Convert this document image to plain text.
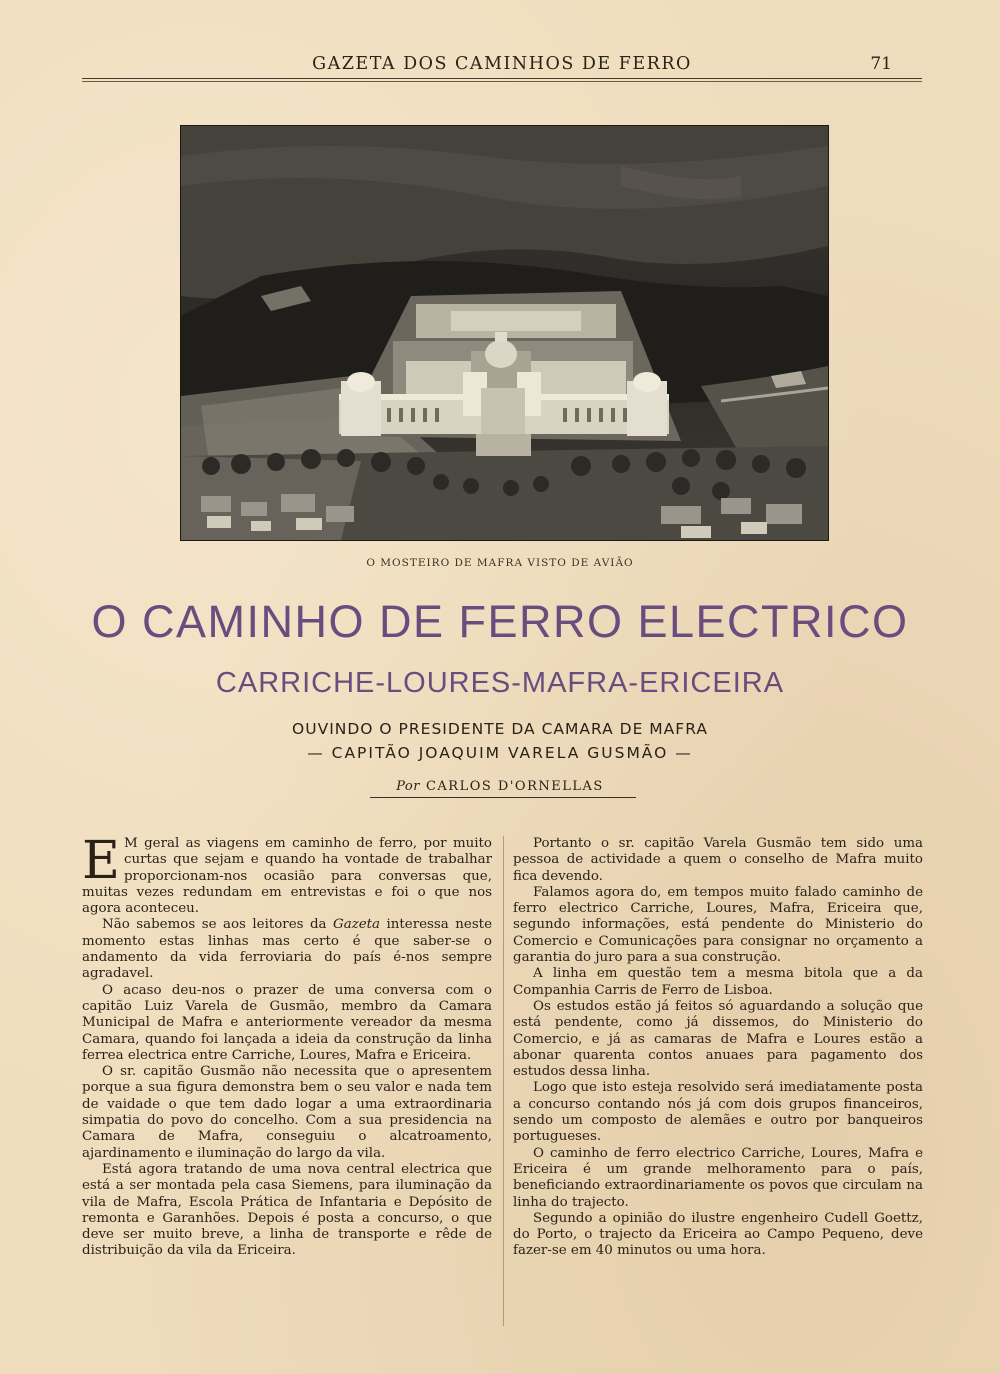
GAZETA DOS CAMINHOS DE FERRO	71
O MOSTEIRO DE MAFRA VISTO DE AVIÃO
O CAMINHO DE FERRO ELECTRICO
CARRICHE-LOURES-MAFRA-ERICEIRA
OUVINDO O PRESIDENTE DA CAMARA DE MAFRA
— CAPITÃO JOAQUIM VARELA GUSMÃO —
Por CARLOS D'ORNELLAS

E M geral as viagens em caminho de ferro, por muito curtas que sejam e quando ha vontade de trabalhar proporcionam-nos ocasião para conversas que, muitas vezes redundam em entrevistas e foi o que nos agora aconteceu.

Não sabemos se aos leitores da Gazeta interessa neste momento estas linhas mas certo é que saber-se o andamento da vida ferroviaria do país é-nos sempre agradavel.

O acaso deu-nos o prazer de uma conversa com o capitão Luiz Varela de Gusmão, membro da Camara Municipal de Mafra e anteriormente vereador da mesma Camara, quando foi lançada a ideia da construção da linha ferrea electrica entre Carriche, Loures, Mafra e Ericeira.

O sr. capitão Gusmão não necessita que o apresentem porque a sua figura demonstra bem o seu valor e nada tem de vaidade o que tem dado logar a uma extraordinaria simpatia do povo do concelho. Com a sua presidencia na Camara de Mafra, conseguiu o alcatroamento, ajardinamento e iluminação do largo da vila.

Está agora tratando de uma nova central electrica que está a ser montada pela casa Siemens, para iluminação da vila de Mafra, Escola Prática de Infantaria e Depósito de remonta e Garanhões. Depois é posta a concurso, o que deve ser muito breve, a linha de transporte e rêde de distribuição da vila da Ericeira.

Portanto o sr. capitão Varela Gusmão tem sido uma pessoa de actividade a quem o conselho de Mafra muito fica devendo.

Falamos agora do, em tempos muito falado caminho de ferro electrico Carriche, Loures, Mafra, Ericeira que, segundo informações, está pendente do Ministerio do Comercio e Comunicações para consignar no orçamento a garantia do juro para a sua construção.

A linha em questão tem a mesma bitola que a da Companhia Carris de Ferro de Lisboa.

Os estudos estão já feitos só aguardando a solução que está pendente, como já dissemos, do Ministerio do Comercio, e já as camaras de Mafra e Loures estão a abonar quarenta contos anuaes para pagamento dos estudos dessa linha.

Logo que isto esteja resolvido será imediatamente posta a concurso contando nós já com dois grupos financeiros, sendo um composto de alemães e outro por banqueiros portugueses.

O caminho de ferro electrico Carriche, Loures, Mafra e Ericeira é um grande melhoramento para o país, beneficiando extraordinariamente os povos que circulam na linha do trajecto.

Segundo a opinião do ilustre engenheiro Cudell Goettz, do Porto, o trajecto da Ericeira ao Campo Pequeno, deve fazer-se em 40 minutos ou uma hora.
